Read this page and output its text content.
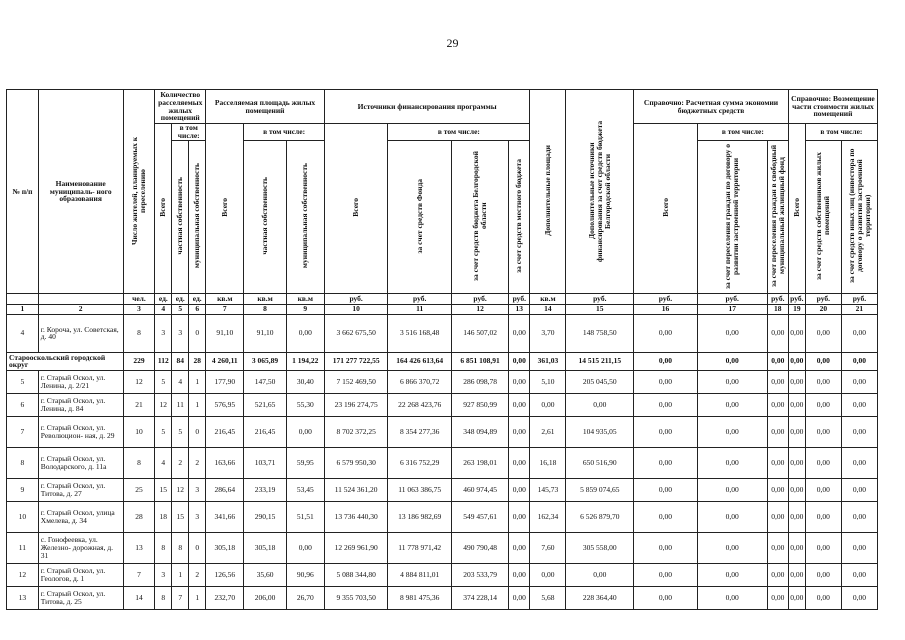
29
№ п/п	Наименование муниципаль- ного образования	Число жителей, планируемых к переселению	Количество расселяемых жилых помещений			Расселяемая площадь жилых помещений			Источники финансирования программы				Дополнительные площади	Дополнительные источники финансирования за счет средств бюджета Белгородской области	Справочно: Расчетная сумма экономии бюджетных средств			Справочно: Возмещение части стоимости жилых помещений		
			Всего	в том числе:		Всего	в том числе:		Всего	в том числе:					Всего	в том числе:		Всего	в том числе:	
				частная собственность	муниципальная собственность		частная собственность	муниципальная собственность		за счет средств Фонда	за счет средств бюджета Белгородской области	за счет средств местного бюджета				за счет переселения граждан по договору о развитии застроенной территории	за счет переселения граждан в свободный муниципальный жилищный фонд		за счет средств собственников жилых помещений	за счет средств иных лиц (инвестора по договору о развитии застроенной территории)
		чел.	ед.	ед.	ед.	кв.м	кв.м	кв.м	руб.	руб.	руб.	руб.	кв.м	руб.	руб.	руб.	руб.	руб.	руб.	руб.
1	2	3	4	5	6	7	8	9	10	11	12	13	14	15	16	17	18	19	20	21
4	г. Короча, ул. Советская, д. 40	8	3	3	0	91,10	91,10	0,00	3 662 675,50	3 516 168,48	146 507,02	0,00	3,70	148 758,50	0,00	0,00	0,00	0,00	0,00	0,00
Старооскольский городской округ		229	112	84	28	4 260,11	3 065,89	1 194,22	171 277 722,55	164 426 613,64	6 851 108,91	0,00	361,03	14 515 211,15	0,00	0,00	0,00	0,00	0,00	0,00
5	г. Старый Оскол, ул. Ленина, д. 2/21	12	5	4	1	177,90	147,50	30,40	7 152 469,50	6 866 370,72	286 098,78	0,00	5,10	205 045,50	0,00	0,00	0,00	0,00	0,00	0,00
6	г. Старый Оскол, ул. Ленина, д. 84	21	12	11	1	576,95	521,65	55,30	23 196 274,75	22 268 423,76	927 850,99	0,00	0,00	0,00	0,00	0,00	0,00	0,00	0,00	0,00
7	г. Старый Оскол, ул. Революцион- ная, д. 29	10	5	5	0	216,45	216,45	0,00	8 702 372,25	8 354 277,36	348 094,89	0,00	2,61	104 935,05	0,00	0,00	0,00	0,00	0,00	0,00
8	г. Старый Оскол, ул. Володарского, д. 11а	8	4	2	2	163,66	103,71	59,95	6 579 950,30	6 316 752,29	263 198,01	0,00	16,18	650 516,90	0,00	0,00	0,00	0,00	0,00	0,00
9	г. Старый Оскол, ул. Титова, д. 27	25	15	12	3	286,64	233,19	53,45	11 524 361,20	11 063 386,75	460 974,45	0,00	145,73	5 859 074,65	0,00	0,00	0,00	0,00	0,00	0,00
10	г. Старый Оскол, улица Хмелева, д. 34	28	18	15	3	341,66	290,15	51,51	13 736 440,30	13 186 982,69	549 457,61	0,00	162,34	6 526 879,70	0,00	0,00	0,00	0,00	0,00	0,00
11	с. Гонофеевка, ул. Железно- дорожная, д. 31	13	8	8	0	305,18	305,18	0,00	12 269 961,90	11 778 971,42	490 790,48	0,00	7,60	305 558,00	0,00	0,00	0,00	0,00	0,00	0,00
12	г. Старый Оскол, ул. Геологов, д. 1	7	3	1	2	126,56	35,60	90,96	5 088 344,80	4 884 811,01	203 533,79	0,00	0,00	0,00	0,00	0,00	0,00	0,00	0,00	0,00
13	г. Старый Оскол, ул. Титова, д. 25	14	8	7	1	232,70	206,00	26,70	9 355 703,50	8 981 475,36	374 228,14	0,00	5,68	228 364,40	0,00	0,00	0,00	0,00	0,00	0,00
